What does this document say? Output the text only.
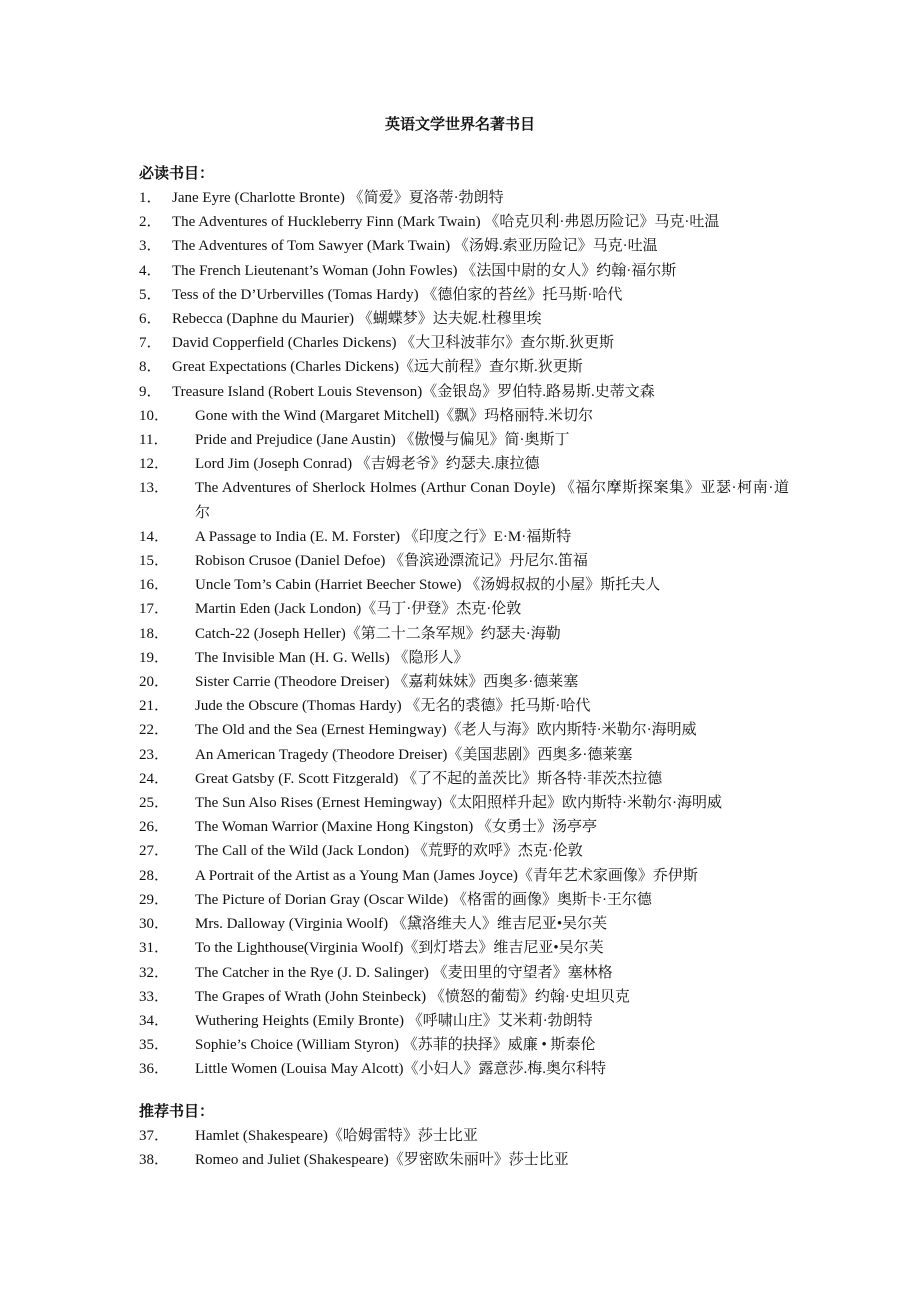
英语文学世界名著书目
必读书目：
1． Jane Eyre (Charlotte Bronte) 《简爱》夏洛蒂·勃朗特
2． The Adventures of Huckleberry Finn (Mark Twain) 《哈克贝利·弗恩历险记》马克·吐温
3． The Adventures of Tom Sawyer (Mark Twain) 《汤姆.索亚历险记》马克·吐温
4． The French Lieutenant’s Woman (John Fowles) 《法国中尉的女人》约翰·福尔斯
5． Tess of the D’Urbervilles (Tomas Hardy) 《德伯家的苔丝》托马斯·哈代
6． Rebecca (Daphne du Maurier) 《蝴蝶梦》达夫妮.杜穆里埃
7． David Copperfield (Charles Dickens) 《大卫科波菲尔》查尔斯.狄更斯
8． Great Expectations (Charles Dickens)《远大前程》查尔斯.狄更斯
9． Treasure Island (Robert Louis Stevenson)《金银岛》罗伯特.路易斯.史蒂文森
10．	Gone with the Wind (Margaret Mitchell)《飘》玛格丽特.米切尔
11．	Pride and Prejudice (Jane Austin) 《傲慢与偏见》简·奥斯丁
12．	Lord Jim (Joseph Conrad) 《吉姆老爷》约瑟夫.康拉德
13．	The Adventures of Sherlock Holmes (Arthur Conan Doyle) 《福尔摩斯探案集》亚瑟·柯南·道尔
14．	A Passage to India (E. M. Forster) 《印度之行》E·M·福斯特
15．	Robison Crusoe (Daniel Defoe) 《鲁滨逊漂流记》丹尼尔.笛福
16．	Uncle Tom’s Cabin (Harriet Beecher Stowe) 《汤姆叔叔的小屋》斯托夫人
17．	Martin Eden (Jack London)《马丁·伊登》杰克·伦敦
18．	Catch-22 (Joseph Heller)《第二十二条军规》约瑟夫·海勒
19．	The Invisible Man (H. G. Wells) 《隐形人》
20．	Sister Carrie (Theodore Dreiser) 《嘉莉妹妹》西奥多·德莱塞
21．	Jude the Obscure (Thomas Hardy) 《无名的裘德》托马斯·哈代
22．	The Old and the Sea (Ernest Hemingway)《老人与海》欧内斯特·米勒尔·海明威
23．	An American Tragedy (Theodore Dreiser)《美国悲剧》西奥多·德莱塞
24．	Great Gatsby (F. Scott Fitzgerald) 《了不起的盖茨比》斯各特·菲茨杰拉德
25．	The Sun Also Rises (Ernest Hemingway)《太阳照样升起》欧内斯特·米勒尔·海明威
26．	The Woman Warrior (Maxine Hong Kingston) 《女勇士》汤亭亭
27．	The Call of the Wild (Jack London) 《荒野的欢呼》杰克·伦敦
28．	A Portrait of the Artist as a Young Man (James Joyce)《青年艺术家画像》乔伊斯
29．	The Picture of Dorian Gray (Oscar Wilde) 《格雷的画像》奥斯卡·王尔德
30．	Mrs. Dalloway (Virginia Woolf) 《黛洛维夫人》维吉尼亚•吴尔芙
31．	To the Lighthouse(Virginia Woolf)《到灯塔去》维吉尼亚•吴尔芙
32．	The Catcher in the Rye (J. D. Salinger) 《麦田里的守望者》塞林格
33．	The Grapes of Wrath (John Steinbeck) 《愤怒的葡萄》约翰·史坦贝克
34．	Wuthering Heights (Emily Bronte) 《呼啸山庄》艾米莉·勃朗特
35．	Sophie’s Choice (William Styron) 《苏菲的抉择》威廉 • 斯泰伦
36．	Little Women (Louisa May Alcott)《小妇人》露意莎.梅.奥尔科特
推荐书目：
37．	Hamlet (Shakespeare)《哈姆雷特》莎士比亚
38．	Romeo and Juliet (Shakespeare)《罗密欧朱丽叶》莎士比亚
